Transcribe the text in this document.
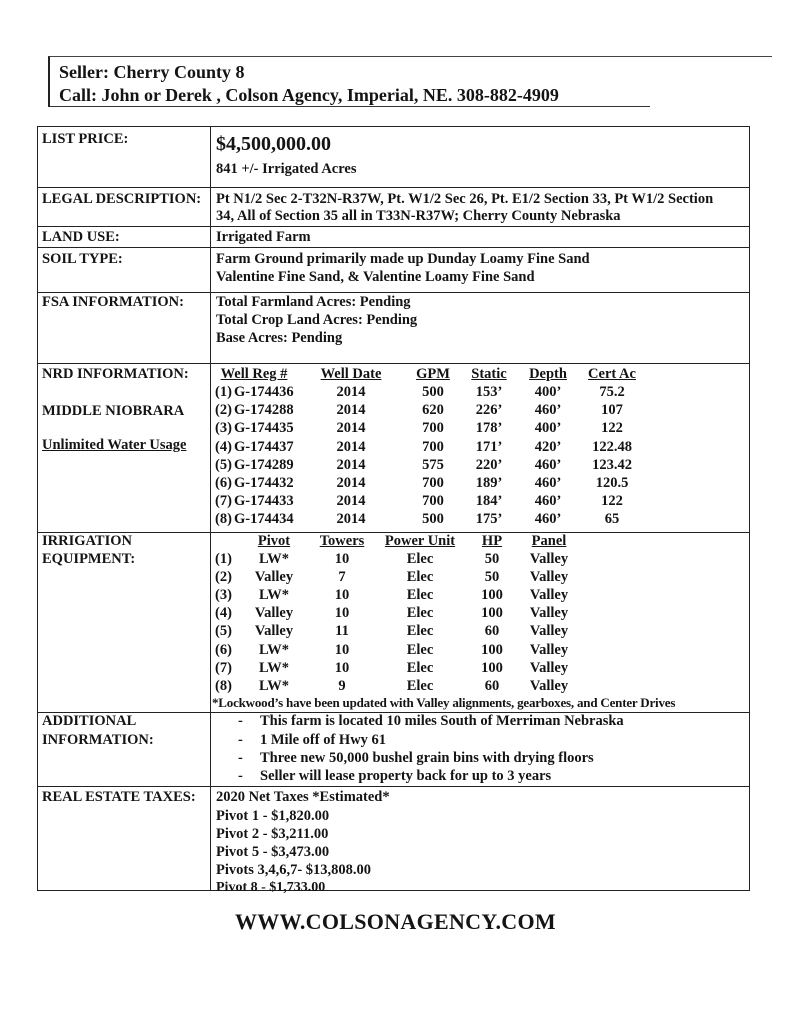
Seller: Cherry County 8
Call: John or Derek , Colson Agency, Imperial, NE. 308-882-4909
LIST PRICE:	$4,500,000.00
841 +/- Irrigated Acres
LEGAL DESCRIPTION: Pt N1/2 Sec 2-T32N-R37W, Pt. W1/2 Sec 26, Pt. E1/2 Section 33, Pt W1/2 Section
34, All of Section 35 all in T33N-R37W; Cherry County Nebraska
LAND USE:	Irrigated Farm
SOIL TYPE:	Farm Ground primarily made up Dunday Loamy Fine Sand
Valentine Fine Sand, & Valentine Loamy Fine Sand
FSA INFORMATION: Total Farmland Acres: Pending
Total Crop Land Acres: Pending
Base Acres: Pending
NRD INFORMATION:
MIDDLE NIOBRARA
Unlimited Water Usage
Well Reg # Well Date GPM Static Depth Cert Ac
(1) G-174436	2014	500 153’ 400’	75.2
(2) G-174288	2014	620 226’ 460’	107
(3) G-174435	2014	700 178’ 400’	122
(4) G-174437	2014	700 171’ 420’ 122.48
(5) G-174289	2014	575 220’ 460’ 123.42
(6) G-174432	2014	700 189’ 460’ 120.5
(7) G-174433	2014	700 184’ 460’	122
(8) G-174434	2014	500 175’ 460’	65
IRRIGATION
EQUIPMENT:
Pivot Towers Power Unit HP Panel
(1) LW*	10	Elec	50 Valley
(2) Valley	7	Elec	50 Valley
(3) LW*	10	Elec	100 Valley
(4) Valley	10	Elec	100 Valley
(5) Valley	11	Elec	60 Valley
(6) LW*	10	Elec	100 Valley
(7) LW*	10	Elec	100 Valley
(8) LW*	9	Elec	60 Valley
*Lockwood’s have been updated with Valley alignments, gearboxes, and Center Drives
ADDITIONAL
INFORMATION:
- This farm is located 10 miles South of Merriman Nebraska
- 1 Mile off of Hwy 61
- Three new 50,000 bushel grain bins with drying floors
- Seller will lease property back for up to 3 years
REAL ESTATE TAXES: 2020 Net Taxes *Estimated*
Pivot 1 - $1,820.00
Pivot 2 - $3,211.00
Pivot 5 - $3,473.00
Pivots 3,4,6,7- $13,808.00
Pivot 8 - $1,733.00
WWW.COLSONAGENCY.COM
